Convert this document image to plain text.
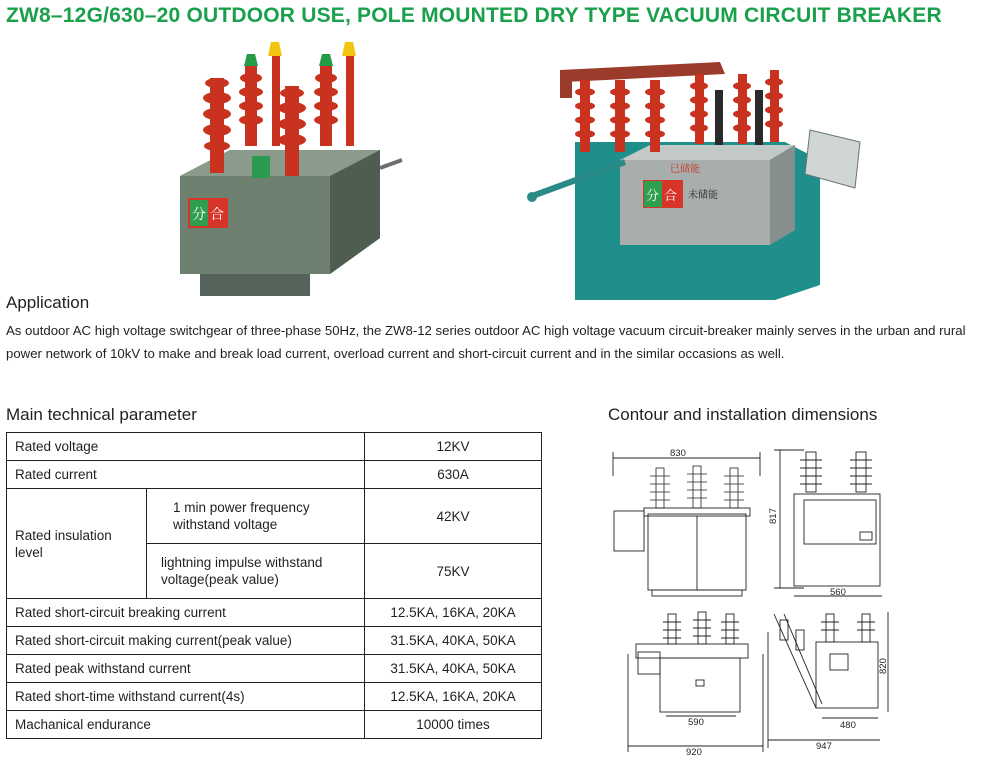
ZW8–12G/630–20 OUTDOOR USE, POLE MOUNTED DRY TYPE VACUUM CIRCUIT BREAKER
分 合
分 合
已储能
未储能
Application
As outdoor AC high voltage switchgear of three-phase 50Hz, the ZW8-12 series outdoor AC high voltage vacuum circuit-breaker mainly serves in the urban and rural power network of 10kV to make and break load current, overload current and short-circuit current and in the similar occasions as well.
Main technical parameter
Rated voltage		12KV
Rated current		630A
Rated insulation level	1 min power frequency withstand voltage	42KV
	lightning impulse withstand voltage(peak value)	75KV
Rated short-circuit breaking current		12.5KA, 16KA, 20KA
Rated short-circuit making current(peak value)		31.5KA, 40KA, 50KA
Rated peak withstand current		31.5KA, 40KA, 50KA
Rated short-time withstand current(4s)		12.5KA, 16KA, 20KA
Machanical endurance		10000 times
Contour and installation dimensions
830
817
560
590
920
820
480
947
